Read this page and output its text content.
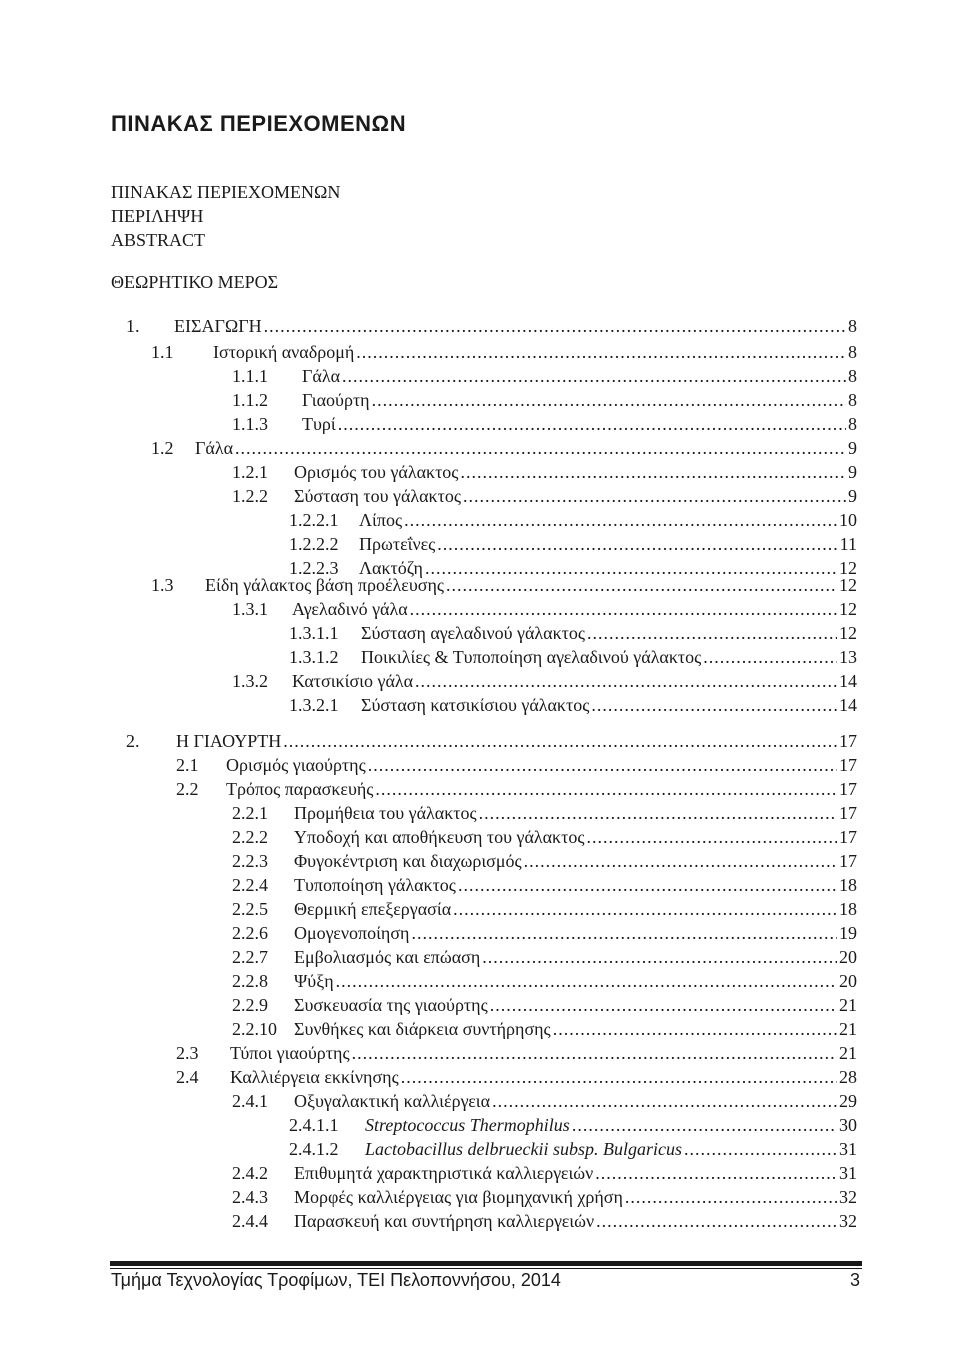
ΠΙΝΑΚΑΣ ΠΕΡΙΕΧΟΜΕΝΩΝ
ΠΙΝΑΚΑΣ ΠΕΡΙΕΧΟΜΕΝΩΝ
ΠΕΡΙΛΗΨΗ
ABSTRACT
ΘΕΩΡΗΤΙΚΟ ΜΕΡΟΣ
1.	ΕΙΣΑΓΩΓΗ .....	8
1.1	Ιστορική αναδρομή .....	8
1.1.1	Γάλα .....	8
1.1.2	Γιαούρτη .....	8
1.1.3	Τυρί .....	8
1.2	Γάλα .....	9
1.2.1	Ορισμός του γάλακτος .....	9
1.2.2	Σύσταση του γάλακτος .....	9
1.2.2.1	Λίπος .....	10
1.2.2.2	Πρωτεΐνες .....	11
1.2.2.3	Λακτόζη .....	12
1.3	Είδη γάλακτος βάση προέλευσης .....	12
1.3.1	Αγελαδινό γάλα .....	12
1.3.1.1	Σύσταση αγελαδινού γάλακτος .....	12
1.3.1.2	Ποικιλίες & Τυποποίηση αγελαδινού γάλακτος .....	13
1.3.2	Κατσικίσιο γάλα .....	14
1.3.2.1	Σύσταση κατσικίσιου γάλακτος .....	14
2.	Η ΓΙΑΟΥΡΤΗ .....	17
2.1	Ορισμός γιαούρτης .....	17
2.2	Τρόπος παρασκευής .....	17
2.2.1	Προμήθεια του γάλακτος .....	17
2.2.2	Υποδοχή και αποθήκευση του γάλακτος .....	17
2.2.3	Φυγοκέντριση και διαχωρισμός .....	17
2.2.4	Τυποποίηση γάλακτος .....	18
2.2.5	Θερμική επεξεργασία .....	18
2.2.6	Ομογενοποίηση .....	19
2.2.7	Εμβολιασμός και επώαση .....	20
2.2.8	Ψύξη .....	20
2.2.9	Συσκευασία της γιαούρτης .....	21
2.2.10 Συνθήκες και διάρκεια συντήρησης .....	21
2.3	Τύποι γιαούρτης .....	21
2.4	Καλλιέργεια εκκίνησης .....	28
2.4.1	Οξυγαλακτική καλλιέργεια .....	29
2.4.1.1	Streptococcus Thermophilus .....	30
2.4.1.2	Lactobacillus delbrueckii subsp. Bulgaricus .....	31
2.4.2	Επιθυμητά χαρακτηριστικά καλλιεργειών .....	31
2.4.3	Μορφές καλλιέργειας για βιομηχανική χρήση .....	32
2.4.4	Παρασκευή και συντήρηση καλλιεργειών .....	32
Τμήμα Τεχνολογίας Τροφίμων, ΤΕΙ Πελοποννήσου, 2014	3
